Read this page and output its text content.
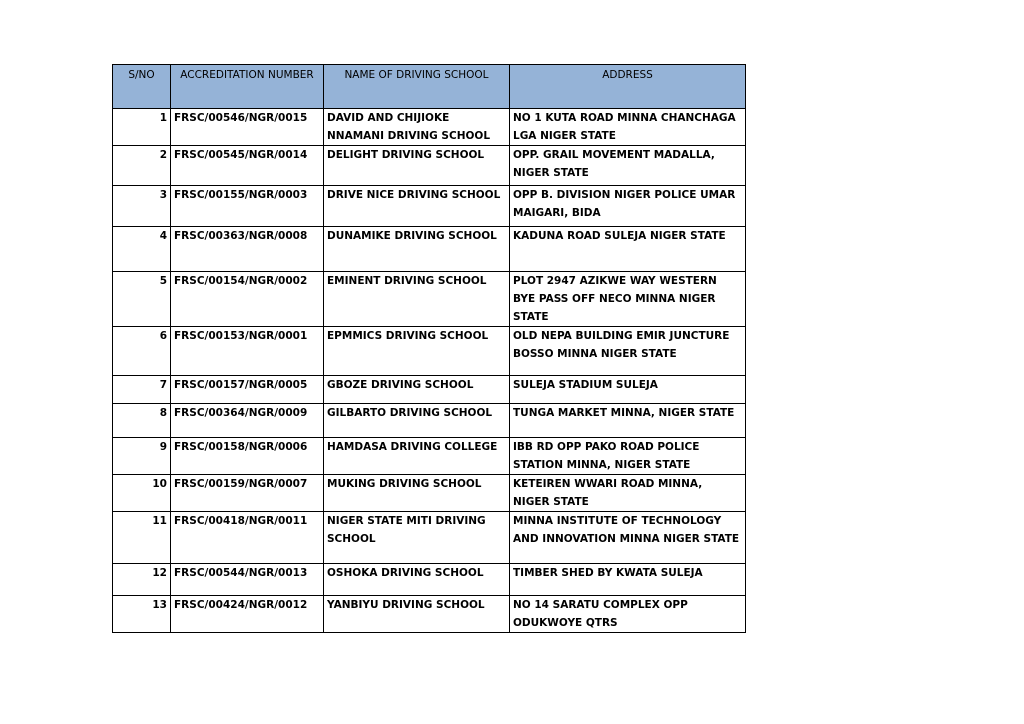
S/NO	ACCREDITATION NUMBER	NAME OF DRIVING SCHOOL	ADDRESS
1	FRSC/00546/NGR/0015	DAVID AND CHIJIOKE NNAMANI DRIVING SCHOOL	NO 1 KUTA ROAD MINNA CHANCHAGA LGA NIGER STATE
2	FRSC/00545/NGR/0014	DELIGHT DRIVING SCHOOL	OPP. GRAIL MOVEMENT MADALLA, NIGER STATE
3	FRSC/00155/NGR/0003	DRIVE NICE DRIVING SCHOOL	OPP B. DIVISION NIGER POLICE UMAR MAIGARI, BIDA
4	FRSC/00363/NGR/0008	DUNAMIKE DRIVING SCHOOL	KADUNA ROAD SULEJA NIGER STATE
5	FRSC/00154/NGR/0002	EMINENT DRIVING SCHOOL	PLOT 2947 AZIKWE WAY WESTERN BYE PASS OFF NECO MINNA NIGER STATE
6	FRSC/00153/NGR/0001	EPMMICS DRIVING SCHOOL	OLD NEPA BUILDING EMIR JUNCTURE BOSSO MINNA NIGER STATE
7	FRSC/00157/NGR/0005	GBOZE DRIVING SCHOOL	SULEJA STADIUM SULEJA
8	FRSC/00364/NGR/0009	GILBARTO DRIVING SCHOOL	TUNGA MARKET MINNA, NIGER STATE
9	FRSC/00158/NGR/0006	HAMDASA DRIVING COLLEGE	IBB RD OPP PAKO ROAD POLICE STATION MINNA, NIGER STATE
10	FRSC/00159/NGR/0007	MUKING DRIVING SCHOOL	KETEIREN WWARI ROAD MINNA, NIGER STATE
11	FRSC/00418/NGR/0011	NIGER STATE MITI DRIVING SCHOOL	MINNA INSTITUTE OF TECHNOLOGY AND INNOVATION MINNA NIGER STATE
12	FRSC/00544/NGR/0013	OSHOKA DRIVING SCHOOL	TIMBER SHED BY KWATA SULEJA
13	FRSC/00424/NGR/0012	YANBIYU DRIVING SCHOOL	NO 14 SARATU COMPLEX OPP ODUKWOYE QTRS
